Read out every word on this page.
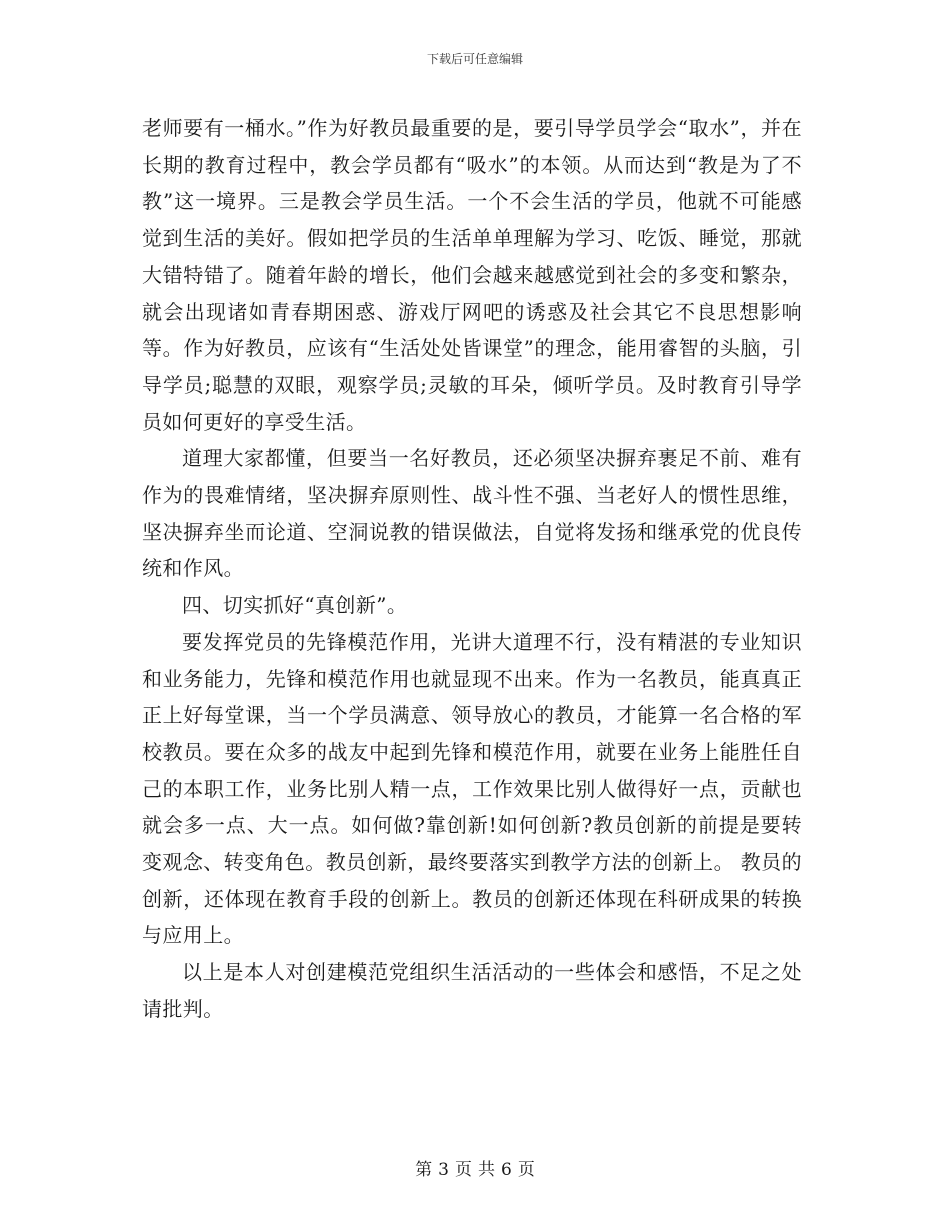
下载后可任意编辑

老师要有一桶水。”作为好教员最重要的是，要引导学员学会“取水”，并在长期的教育过程中，教会学员都有“吸水”的本领。从而达到“教是为了不教”这一境界。三是教会学员生活。一个不会生活的学员，他就不可能感觉到生活的美好。假如把学员的生活单单理解为学习、吃饭、睡觉，那就大错特错了。随着年龄的增长，他们会越来越感觉到社会的多变和繁杂，就会出现诸如青春期困惑、游戏厅网吧的诱惑及社会其它不良思想影响等。作为好教员，应该有“生活处处皆课堂”的理念，能用睿智的头脑，引导学员;聪慧的双眼，观察学员;灵敏的耳朵，倾听学员。及时教育引导学员如何更好的享受生活。

道理大家都懂，但要当一名好教员，还必须坚决摒弃裹足不前、难有作为的畏难情绪，坚决摒弃原则性、战斗性不强、当老好人的惯性思维，坚决摒弃坐而论道、空洞说教的错误做法，自觉将发扬和继承党的优良传统和作风。

四、切实抓好“真创新”。

要发挥党员的先锋模范作用，光讲大道理不行，没有精湛的专业知识和业务能力，先锋和模范作用也就显现不出来。作为一名教员，能真真正正上好每堂课，当一个学员满意、领导放心的教员，才能算一名合格的军校教员。要在众多的战友中起到先锋和模范作用，就要在业务上能胜任自己的本职工作，业务比别人精一点，工作效果比别人做得好一点，贡献也就会多一点、大一点。如何做?靠创新!如何创新?教员创新的前提是要转变观念、转变角色。教员创新，最终要落实到教学方法的创新上。 教员的创新，还体现在教育手段的创新上。教员的创新还体现在科研成果的转换与应用上。

以上是本人对创建模范党组织生活活动的一些体会和感悟，不足之处请批判。

第 3 页 共 6 页
